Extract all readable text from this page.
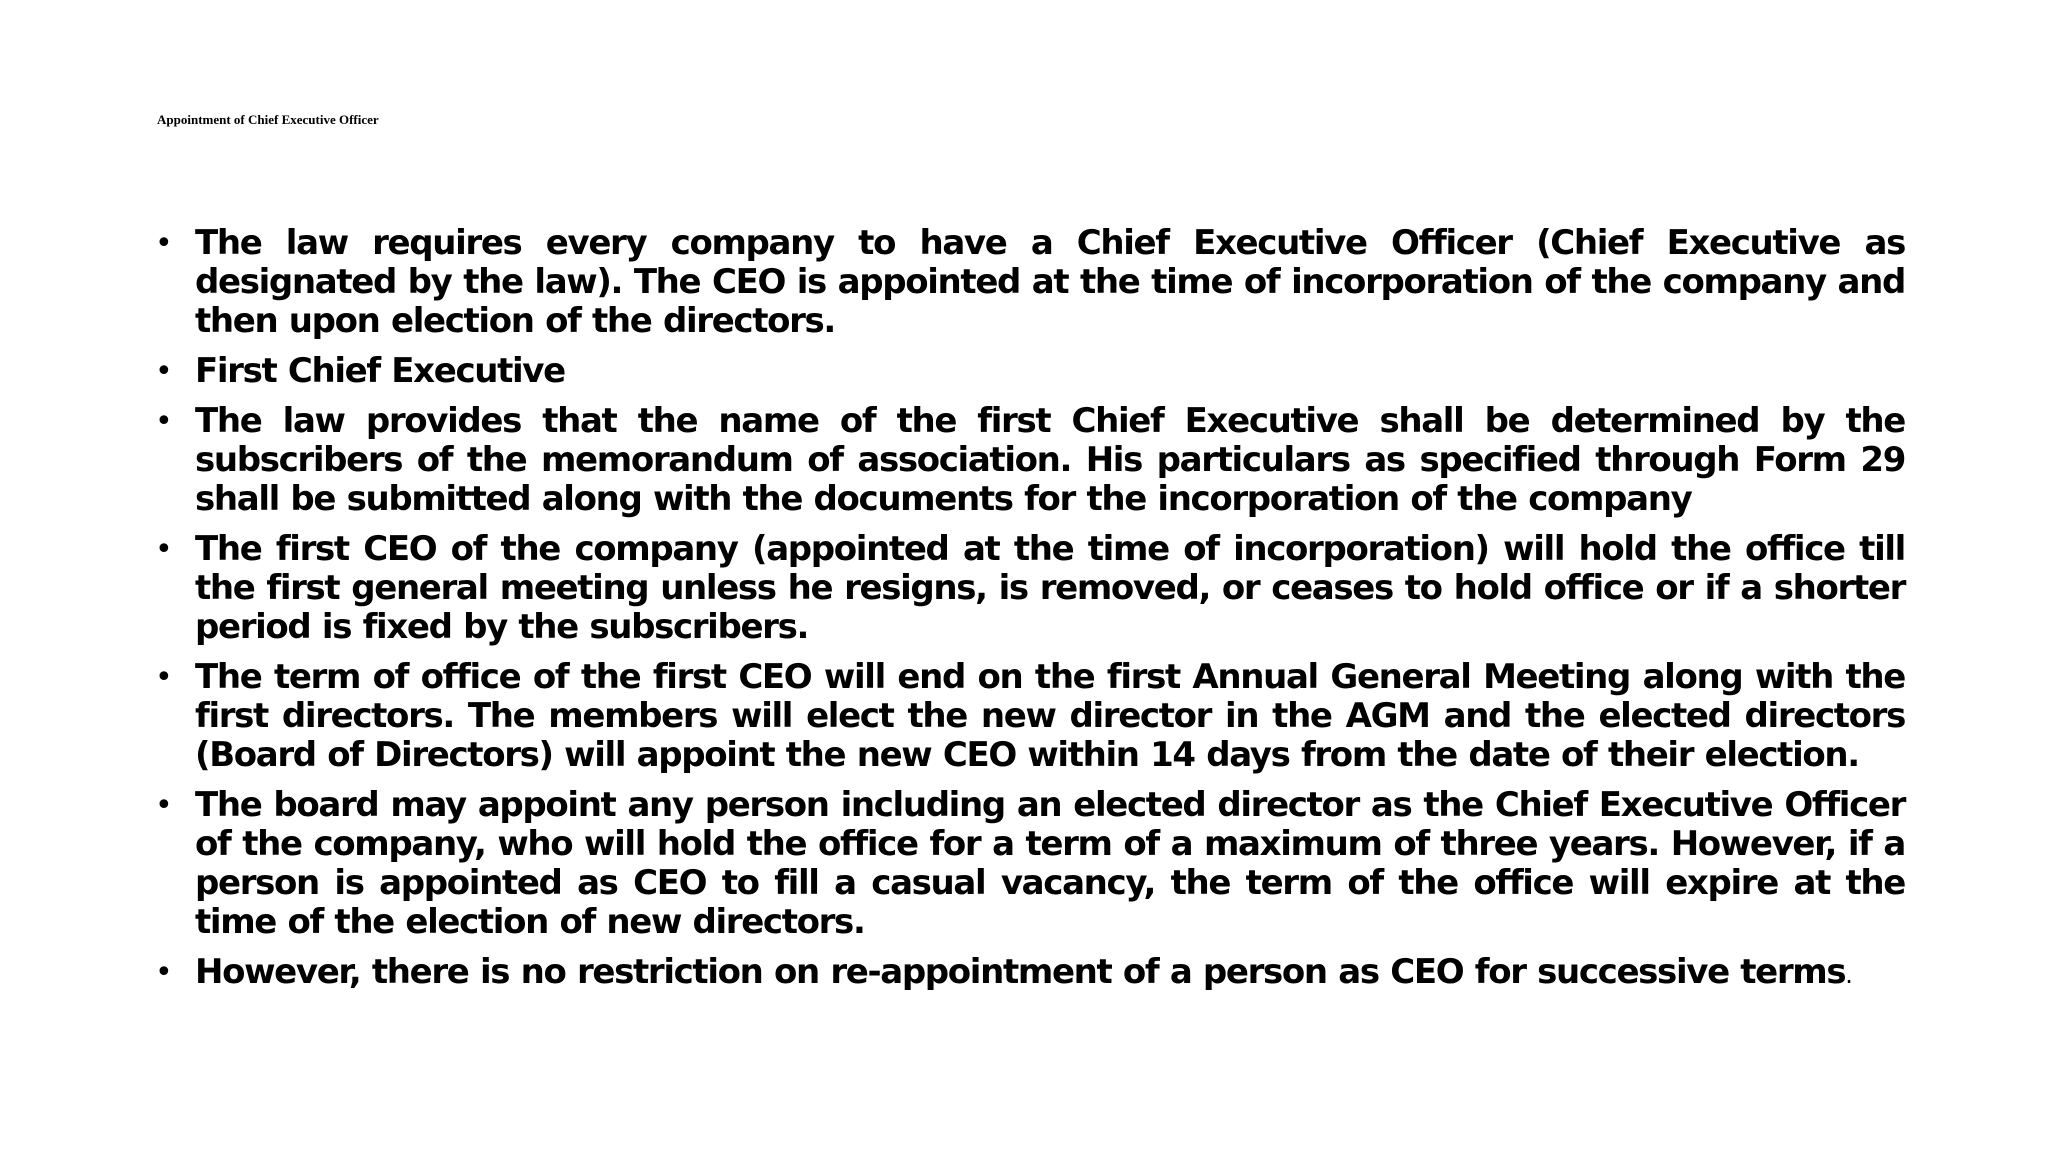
Appointment of Chief Executive Officer
• The law requires every company to have a Chief Executive Officer (Chief Executive as designated by the law). The CEO is appointed at the time of incorporation of the company and then upon election of the directors.
• First Chief Executive
• The law provides that the name of the first Chief Executive shall be determined by the subscribers of the memorandum of association. His particulars as specified through Form 29 shall be submitted along with the documents for the incorporation of the company
• The first CEO of the company (appointed at the time of incorporation) will hold the office till the first general meeting unless he resigns, is removed, or ceases to hold office or if a shorter period is fixed by the subscribers.
• The term of office of the first CEO will end on the first Annual General Meeting along with the first directors. The members will elect the new director in the AGM and the elected directors (Board of Directors) will appoint the new CEO within 14 days from the date of their election.
• The board may appoint any person including an elected director as the Chief Executive Officer of the company, who will hold the office for a term of a maximum of three years. However, if a person is appointed as CEO to fill a casual vacancy, the term of the office will expire at the time of the election of new directors.
• However, there is no restriction on re-appointment of a person as CEO for successive terms.
